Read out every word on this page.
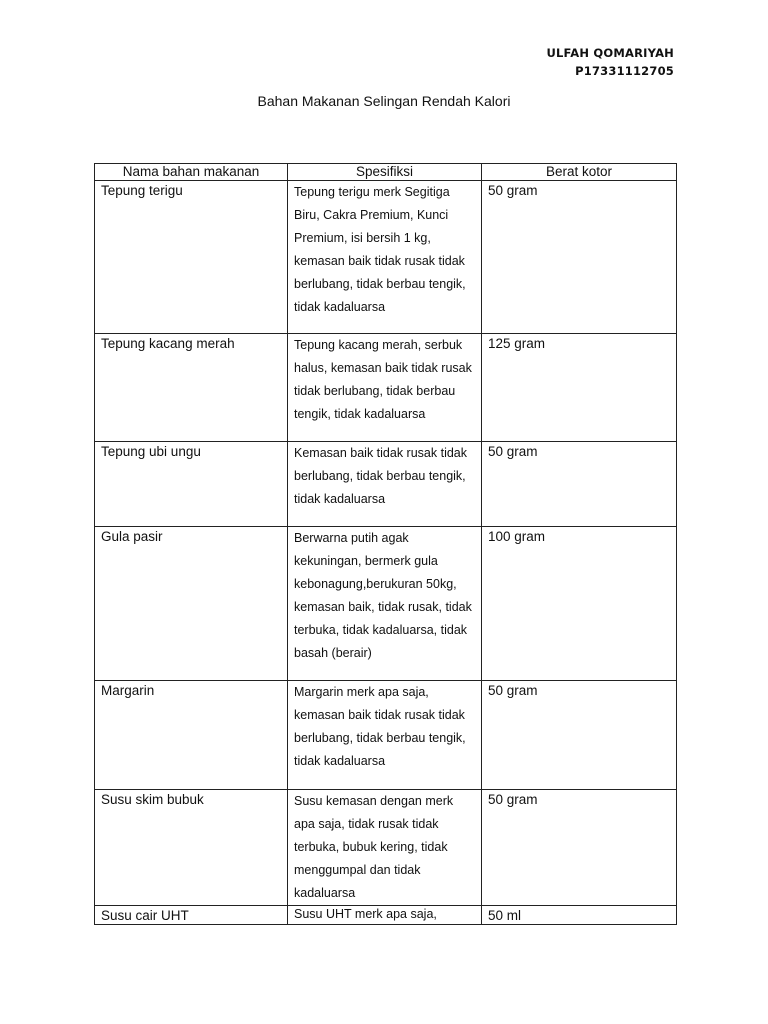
ULFAH QOMARIYAH
P17331112705
Bahan Makanan Selingan Rendah Kalori
Nama bahan makanan	Spesifiksi	Berat kotor

Tepung terigu	Tepung terigu merk Segitiga Biru, Cakra Premium, Kunci Premium, isi bersih 1 kg, kemasan baik tidak rusak tidak berlubang, tidak berbau tengik, tidak kadaluarsa	50 gram

Tepung kacang merah	Tepung kacang merah, serbuk halus, kemasan baik tidak rusak tidak berlubang, tidak berbau tengik, tidak kadaluarsa	125 gram

Tepung ubi ungu	Kemasan baik tidak rusak tidak berlubang, tidak berbau tengik, tidak kadaluarsa	50 gram

Gula pasir	Berwarna putih agak kekuningan, bermerk gula kebonagung,berukuran 50kg, kemasan baik, tidak rusak, tidak terbuka, tidak kadaluarsa, tidak basah (berair)	100 gram

Margarin	Margarin merk apa saja, kemasan baik tidak rusak tidak berlubang, tidak berbau tengik, tidak kadaluarsa	50 gram

Susu skim bubuk	Susu kemasan dengan merk apa saja, tidak rusak tidak terbuka, bubuk kering, tidak menggumpal dan tidak kadaluarsa	50 gram

Susu cair UHT	Susu UHT merk apa saja,	50 ml
